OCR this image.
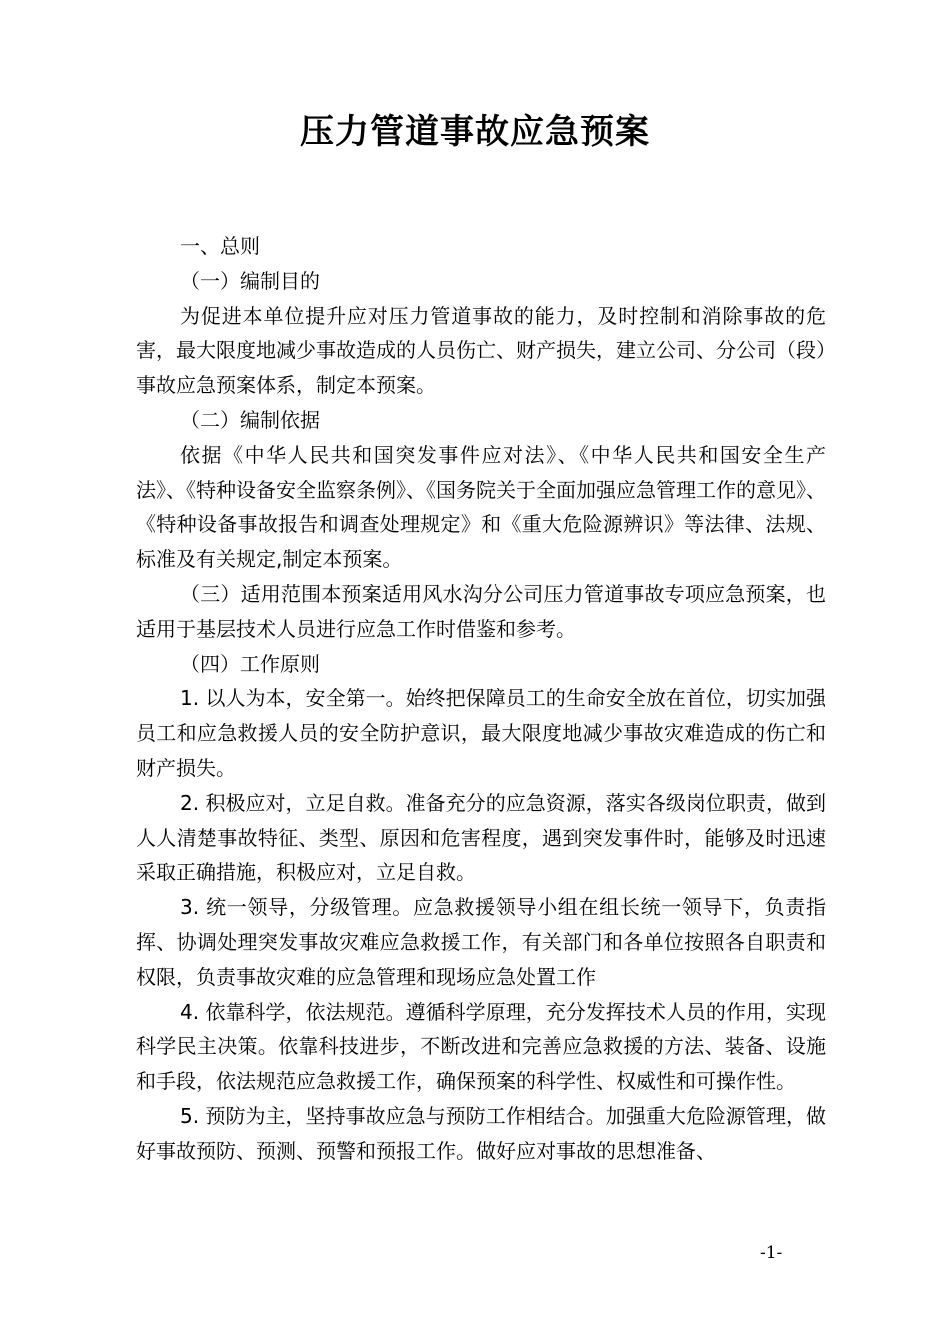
压力管道事故应急预案

一、总则

（一）编制目的

为促进本单位提升应对压力管道事故的能力，及时控制和消除事故的危害，最大限度地减少事故造成的人员伤亡、财产损失，建立公司、分公司（段）事故应急预案体系，制定本预案。

（二）编制依据

依据《中华人民共和国突发事件应对法》、《中华人民共和国安全生产法》、《特种设备安全监察条例》、《国务院关于全面加强应急管理工作的意见》、《特种设备事故报告和调查处理规定》和《重大危险源辨识》等法律、法规、标准及有关规定,制定本预案。

（三）适用范围本预案适用风水沟分公司压力管道事故专项应急预案，也适用于基层技术人员进行应急工作时借鉴和参考。

（四）工作原则

1. 以人为本，安全第一。始终把保障员工的生命安全放在首位，切实加强员工和应急救援人员的安全防护意识，最大限度地减少事故灾难造成的伤亡和财产损失。

2. 积极应对，立足自救。准备充分的应急资源，落实各级岗位职责，做到人人清楚事故特征、类型、原因和危害程度，遇到突发事件时，能够及时迅速采取正确措施，积极应对，立足自救。

3. 统一领导，分级管理。应急救援领导小组在组长统一领导下，负责指挥、协调处理突发事故灾难应急救援工作，有关部门和各单位按照各自职责和权限，负责事故灾难的应急管理和现场应急处置工作

4. 依靠科学，依法规范。遵循科学原理，充分发挥技术人员的作用，实现科学民主决策。依靠科技进步，不断改进和完善应急救援的方法、装备、设施和手段，依法规范应急救援工作，确保预案的科学性、权威性和可操作性。

5. 预防为主，坚持事故应急与预防工作相结合。加强重大危险源管理，做好事故预防、预测、预警和预报工作。做好应对事故的思想准备、

-1-
